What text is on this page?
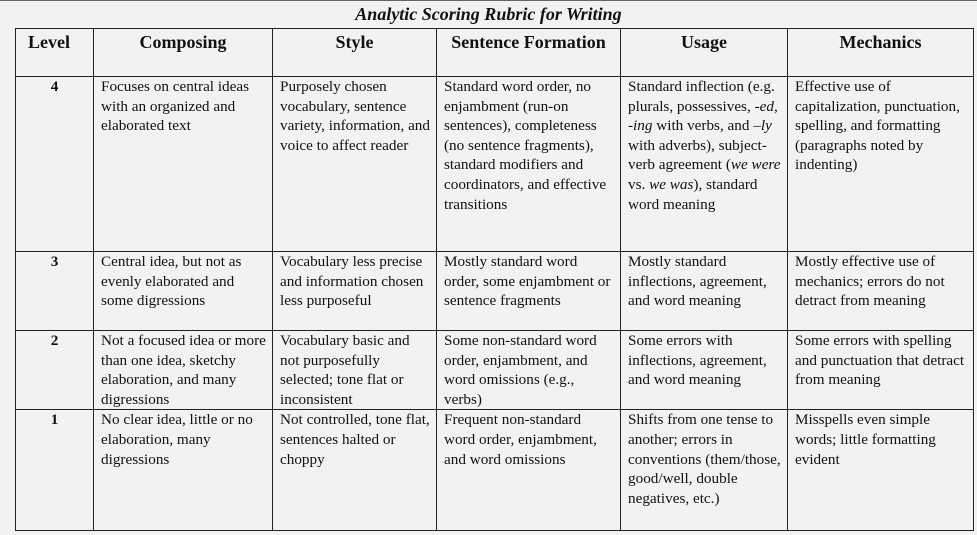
Analytic Scoring Rubric for Writing
Level	Composing	Style	Sentence Formation	Usage	Mechanics
4	Focuses on central ideas with an organized and elaborated text	Purposely chosen vocabulary, sentence variety, information, and voice to affect reader	Standard word order, no enjambment (run-on sentences), completeness (no sentence fragments), standard modifiers and coordinators, and effective transitions	Standard inflection (e.g. plurals, possessives, -ed, -ing with verbs, and –ly with adverbs), subject-verb agreement (we were vs. we was), standard word meaning	Effective use of capitalization, punctuation, spelling, and formatting (paragraphs noted by indenting)
3	Central idea, but not as evenly elaborated and some digressions	Vocabulary less precise and information chosen less purposeful	Mostly standard word order, some enjambment or sentence fragments	Mostly standard inflections, agreement, and word meaning	Mostly effective use of mechanics; errors do not detract from meaning
2	Not a focused idea or more than one idea, sketchy elaboration, and many digressions	Vocabulary basic and not purposefully selected; tone flat or inconsistent	Some non-standard word order, enjambment, and word omissions (e.g., verbs)	Some errors with inflections, agreement, and word meaning	Some errors with spelling and punctuation that detract from meaning
1	No clear idea, little or no elaboration, many digressions	Not controlled, tone flat, sentences halted or choppy	Frequent non-standard word order, enjambment, and word omissions	Shifts from one tense to another; errors in conventions (them/those, good/well, double negatives, etc.)	Misspells even simple words; little formatting evident
